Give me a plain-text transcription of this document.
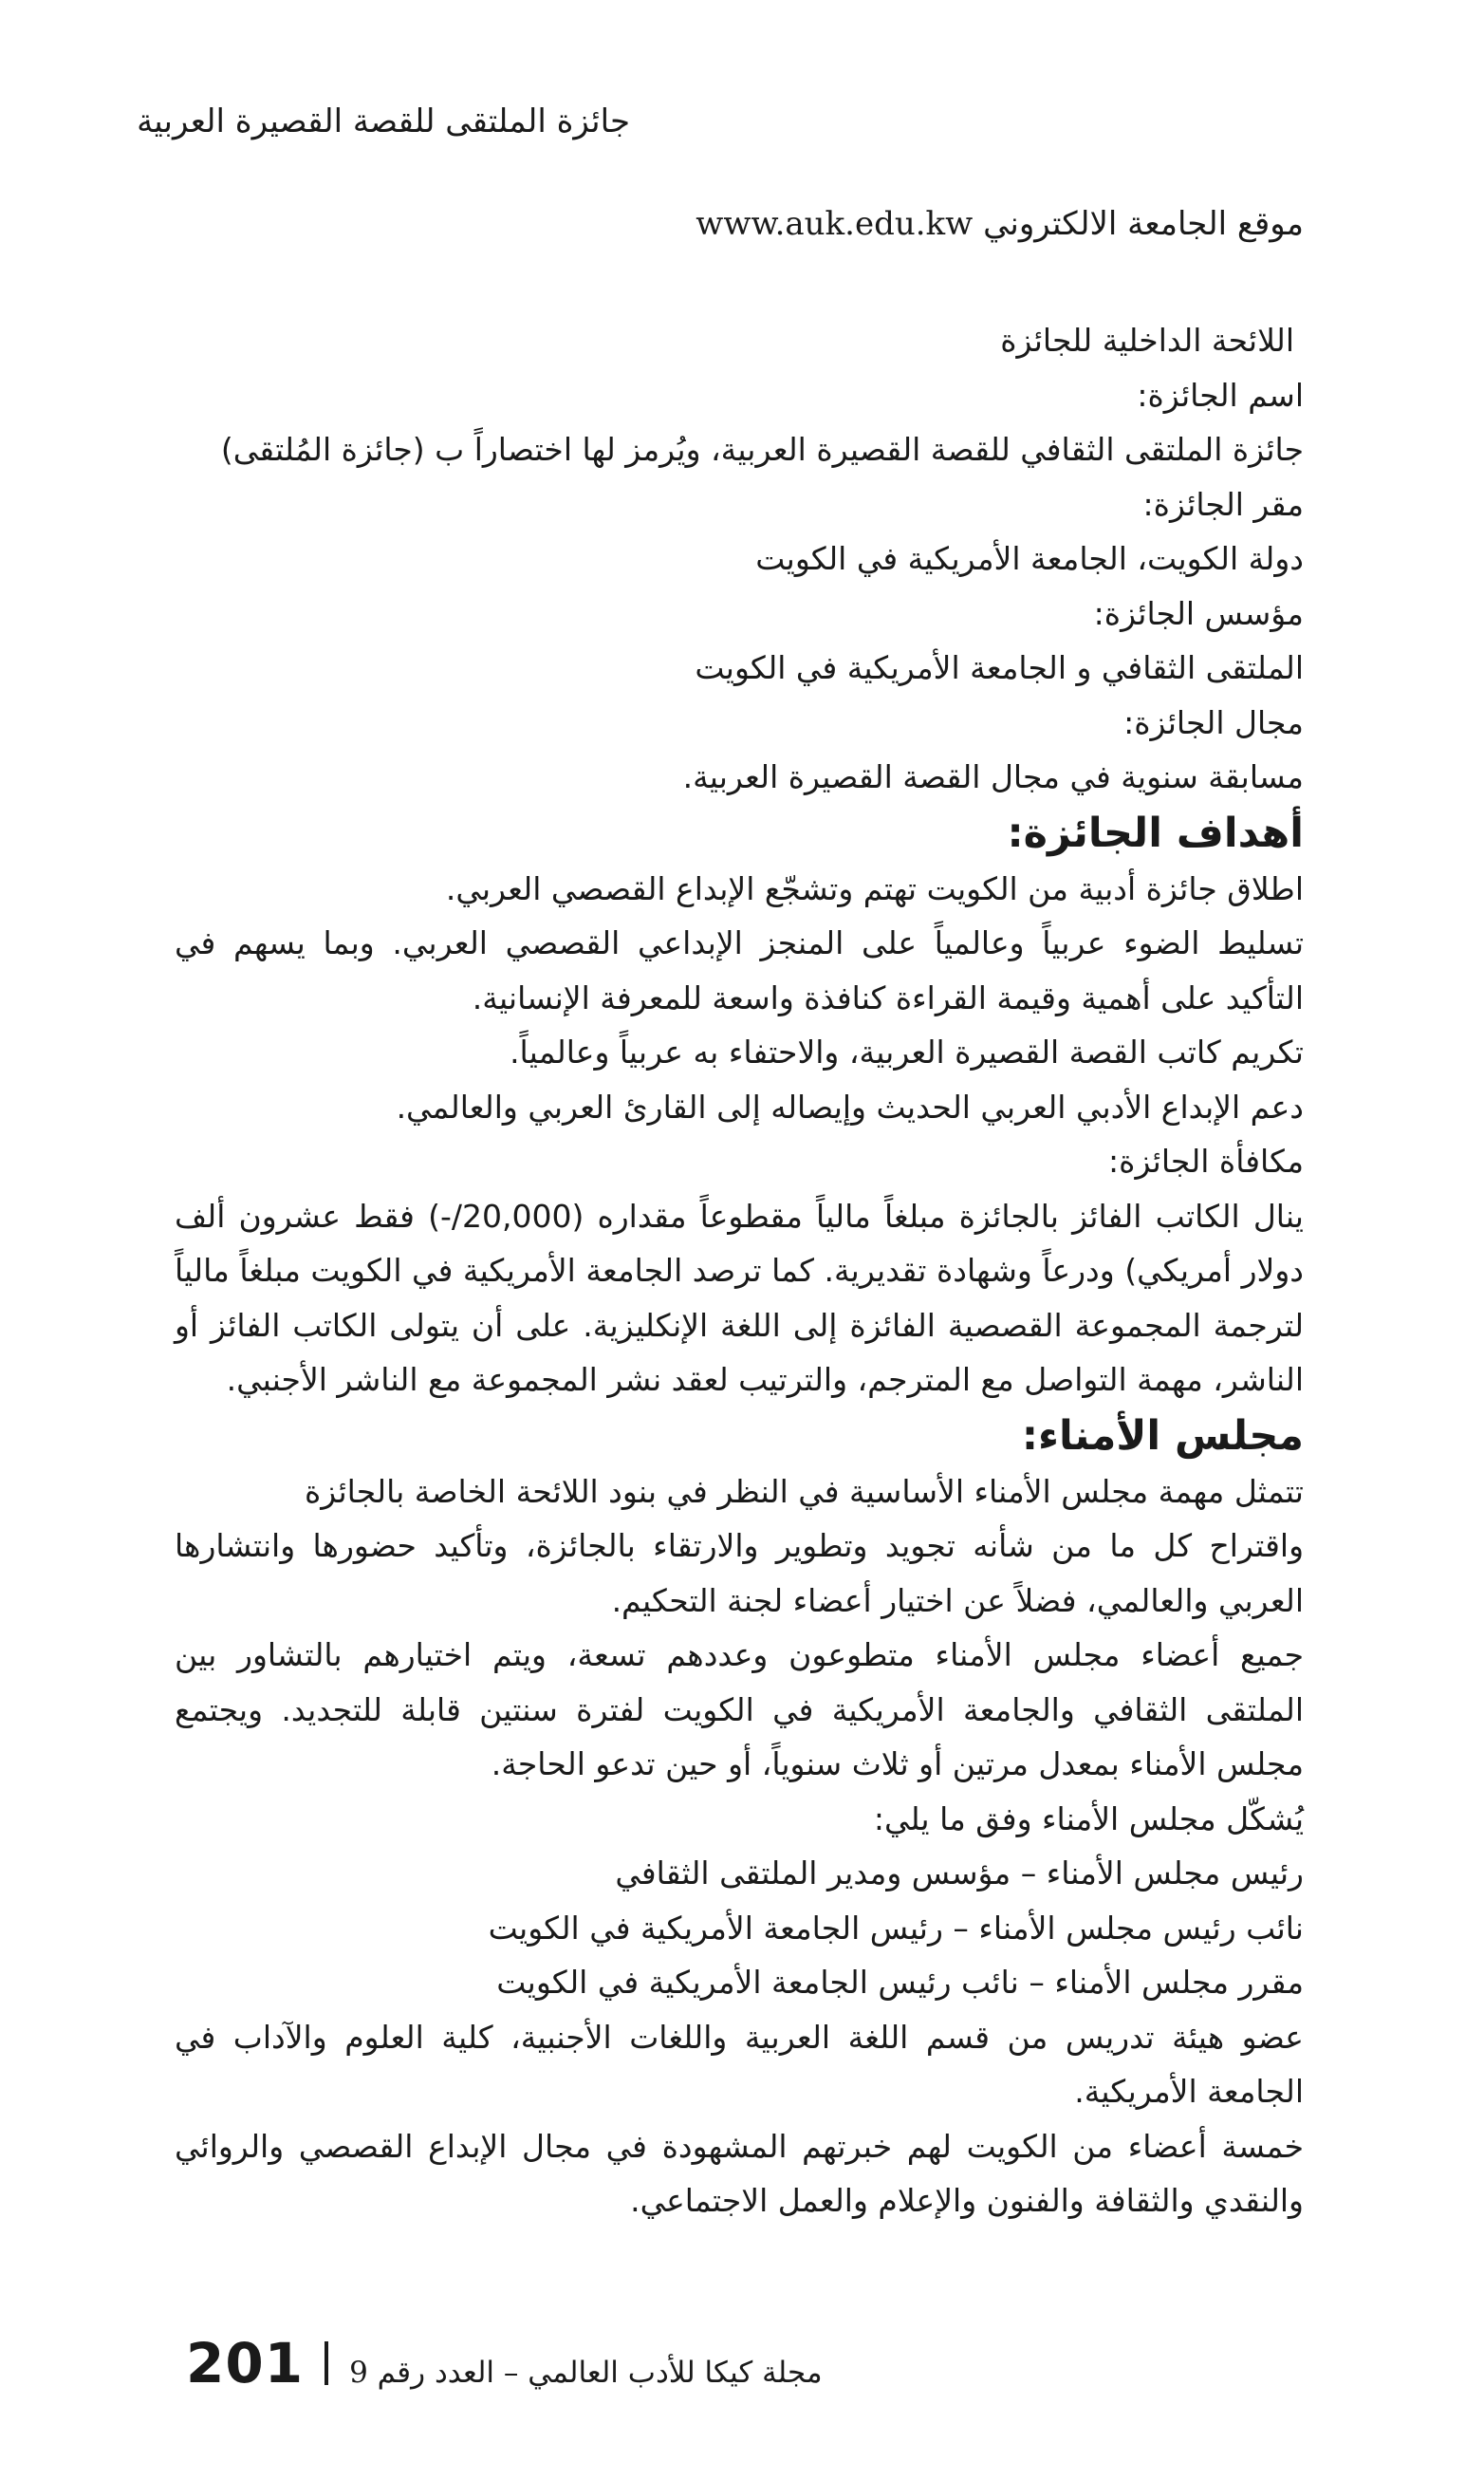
جائزة الملتقى للقصة القصيرة العربية
موقع الجامعة الالكتروني www.auk.edu.kw
اللائحة الداخلية للجائزة
اسم الجائزة:
جائزة الملتقى الثقافي للقصة القصيرة العربية، ويُرمز لها اختصاراً ب (جائزة المُلتقى)
مقر الجائزة:
دولة الكويت، الجامعة الأمريكية في الكويت
مؤسس الجائزة:
الملتقى الثقافي و الجامعة الأمريكية في الكويت
مجال الجائزة:
مسابقة سنوية في مجال القصة القصيرة العربية.
أهداف الجائزة:
اطلاق جائزة أدبية من الكويت تهتم وتشجّع الإبداع القصصي العربي.
تسليط الضوء عربياً وعالمياً على المنجز الإبداعي القصصي العربي. وبما يسهم في التأكيد على أهمية وقيمة القراءة كنافذة واسعة للمعرفة الإنسانية.
تكريم كاتب القصة القصيرة العربية، والاحتفاء به عربياً وعالمياً.
دعم الإبداع الأدبي العربي الحديث وإيصاله إلى القارئ العربي والعالمي.
مكافأة الجائزة:
ينال الكاتب الفائز بالجائزة مبلغاً مالياً مقطوعاً مقداره (20,000/-) فقط عشرون ألف دولار أمريكي) ودرعاً وشهادة تقديرية. كما ترصد الجامعة الأمريكية في الكويت مبلغاً مالياً لترجمة المجموعة القصصية الفائزة إلى اللغة الإنكليزية. على أن يتولى الكاتب الفائز أو الناشر، مهمة التواصل مع المترجم، والترتيب لعقد نشر المجموعة مع الناشر الأجنبي.
مجلس الأمناء:
تتمثل مهمة مجلس الأمناء الأساسية في النظر في بنود اللائحة الخاصة بالجائزة
واقتراح كل ما من شأنه تجويد وتطوير والارتقاء بالجائزة، وتأكيد حضورها وانتشارها العربي والعالمي، فضلاً عن اختيار أعضاء لجنة التحكيم.
جميع أعضاء مجلس الأمناء متطوعون وعددهم تسعة، ويتم اختيارهم بالتشاور بين الملتقى الثقافي والجامعة الأمريكية في الكويت لفترة سنتين قابلة للتجديد. ويجتمع مجلس الأمناء بمعدل مرتين أو ثلاث سنوياً، أو حين تدعو الحاجة.
يُشكّل مجلس الأمناء وفق ما يلي:
رئيس مجلس الأمناء – مؤسس ومدير الملتقى الثقافي
نائب رئيس مجلس الأمناء – رئيس الجامعة الأمريكية في الكويت
مقرر مجلس الأمناء – نائب رئيس الجامعة الأمريكية في الكويت
عضو هيئة تدريس من قسم اللغة العربية واللغات الأجنبية، كلية العلوم والآداب في الجامعة الأمريكية.
خمسة أعضاء من الكويت لهم خبرتهم المشهودة في مجال الإبداع القصصي والروائي والنقدي والثقافة والفنون والإعلام والعمل الاجتماعي.
201 مجلة كيكا للأدب العالمي – العدد رقم 9
